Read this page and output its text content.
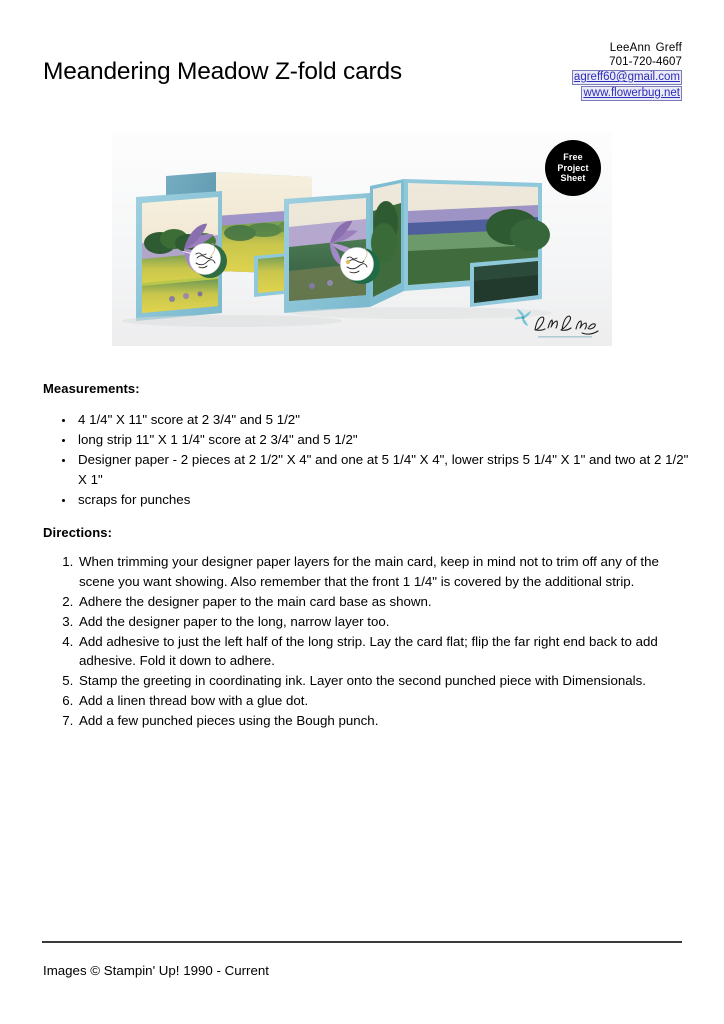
Meandering Meadow Z-fold cards
LeeAnn Greff
701-720-4607
agreff60@gmail.com
www.flowerbug.net
Free
Project
Sheet
Measurements:
• 4 1/4" X 11" score at 2 3/4" and 5 1/2"
• long strip 11" X 1 1/4" score at 2 3/4" and 5 1/2"
• Designer paper - 2 pieces at 2 1/2" X 4" and one at 5 1/4" X 4", lower strips 5 1/4" X 1" and two at 2 1/2" X 1"
• scraps for punches
Directions:
1. When trimming your designer paper layers for the main card, keep in mind not to trim off any of the scene you want showing. Also remember that the front 1 1/4" is covered by the additional strip.
2. Adhere the designer paper to the main card base as shown.
3. Add the designer paper to the long, narrow layer too.
4. Add adhesive to just the left half of the long strip. Lay the card flat; flip the far right end back to add adhesive. Fold it down to adhere.
5. Stamp the greeting in coordinating ink. Layer onto the second punched piece with Dimensionals.
6. Add a linen thread bow with a glue dot.
7. Add a few punched pieces using the Bough punch.
Images © Stampin' Up! 1990 - Current
